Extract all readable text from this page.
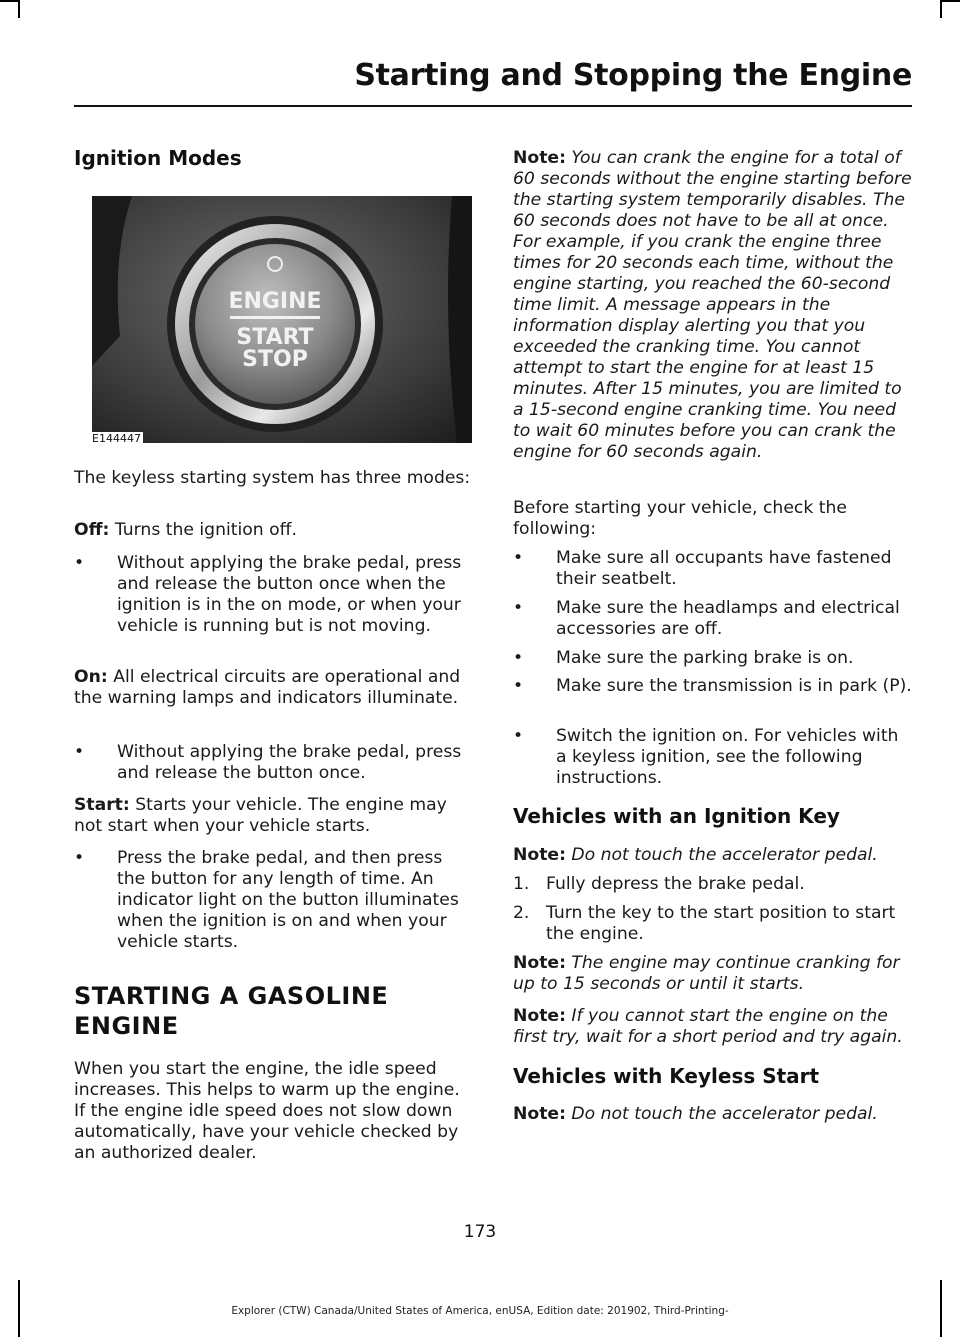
Starting and Stopping the Engine
Ignition Modes
ENGINE
START
STOP
E144447
The keyless starting system has three modes:
Off: Turns the ignition off.
• Without applying the brake pedal, press and release the button once when the ignition is in the on mode, or when your vehicle is running but is not moving.
On: All electrical circuits are operational and the warning lamps and indicators illuminate.
• Without applying the brake pedal, press and release the button once.
Start: Starts your vehicle. The engine may not start when your vehicle starts.
• Press the brake pedal, and then press the button for any length of time. An indicator light on the button illuminates when the ignition is on and when your vehicle starts.
STARTING A GASOLINE
ENGINE
When you start the engine, the idle speed increases. This helps to warm up the engine. If the engine idle speed does not slow down automatically, have your vehicle checked by an authorized dealer.
Note: You can crank the engine for a total of 60 seconds without the engine starting before the starting system temporarily disables. The 60 seconds does not have to be all at once. For example, if you crank the engine three times for 20 seconds each time, without the engine starting, you reached the 60-second time limit. A message appears in the information display alerting you that you exceeded the cranking time. You cannot attempt to start the engine for at least 15 minutes. After 15 minutes, you are limited to a 15-second engine cranking time. You need to wait 60 minutes before you can crank the engine for 60 seconds again.
Before starting your vehicle, check the following:
• Make sure all occupants have fastened their seatbelt.
• Make sure the headlamps and electrical accessories are off.
• Make sure the parking brake is on.
• Make sure the transmission is in park (P).
• Switch the ignition on. For vehicles with a keyless ignition, see the following instructions.
Vehicles with an Ignition Key
Note: Do not touch the accelerator pedal.
1. Fully depress the brake pedal.
2. Turn the key to the start position to start the engine.
Note: The engine may continue cranking for up to 15 seconds or until it starts.
Note: If you cannot start the engine on the first try, wait for a short period and try again.
Vehicles with Keyless Start
Note: Do not touch the accelerator pedal.
173
Explorer (CTW) Canada/United States of America, enUSA, Edition date: 201902, Third-Printing-
